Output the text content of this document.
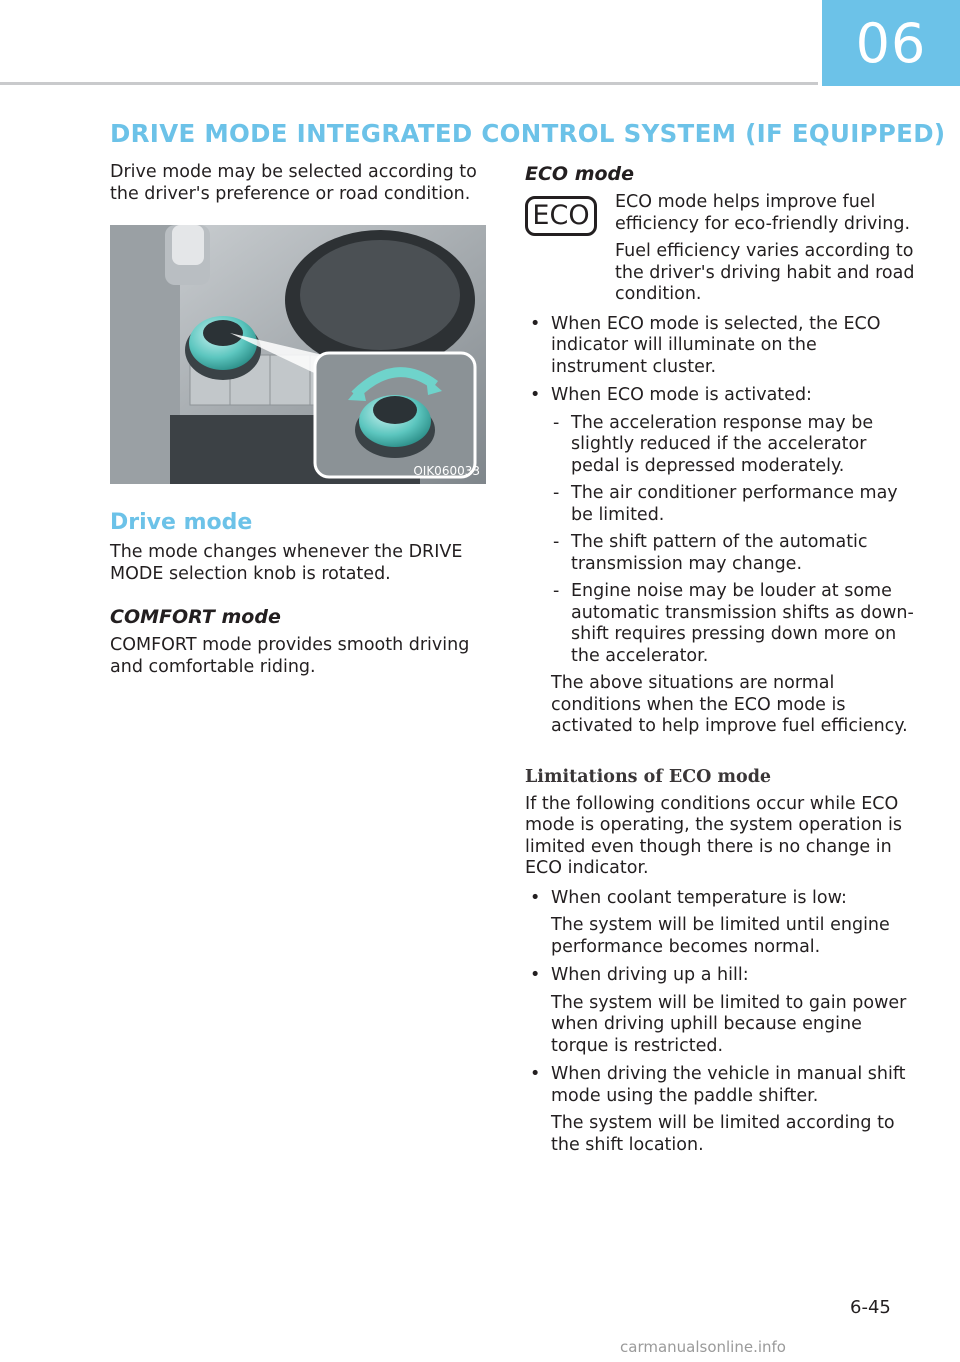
06
DRIVE MODE INTEGRATED CONTROL SYSTEM (IF EQUIPPED)

Drive mode may be selected according to the driver's preference or road condition.

OIK060033
Drive mode

The mode changes whenever the DRIVE MODE selection knob is rotated.

COMFORT mode

COMFORT mode provides smooth driving and comfortable riding.

ECO mode
ECO ECO mode helps improve fuel efficiency for eco-friendly driving.

Fuel efficiency varies according to the driver's driving habit and road condition.

• When ECO mode is selected, the ECO indicator will illuminate on the instrument cluster.
• When ECO mode is activated:
- The acceleration response may be slightly reduced if the accelerator pedal is depressed moderately.
- The air conditioner performance may be limited.
- The shift pattern of the automatic transmission may change.
- Engine noise may be louder at some automatic transmission shifts as down-shift requires pressing down more on the accelerator.

The above situations are normal conditions when the ECO mode is activated to help improve fuel efficiency.

Limitations of ECO mode

If the following conditions occur while ECO mode is operating, the system operation is limited even though there is no change in ECO indicator.

• When coolant temperature is low:

The system will be limited until engine performance becomes normal.

• When driving up a hill:

The system will be limited to gain power when driving uphill because engine torque is restricted.

• When driving the vehicle in manual shift mode using the paddle shifter.

The system will be limited according to the shift location.

6-45
carmanualsonline.info
